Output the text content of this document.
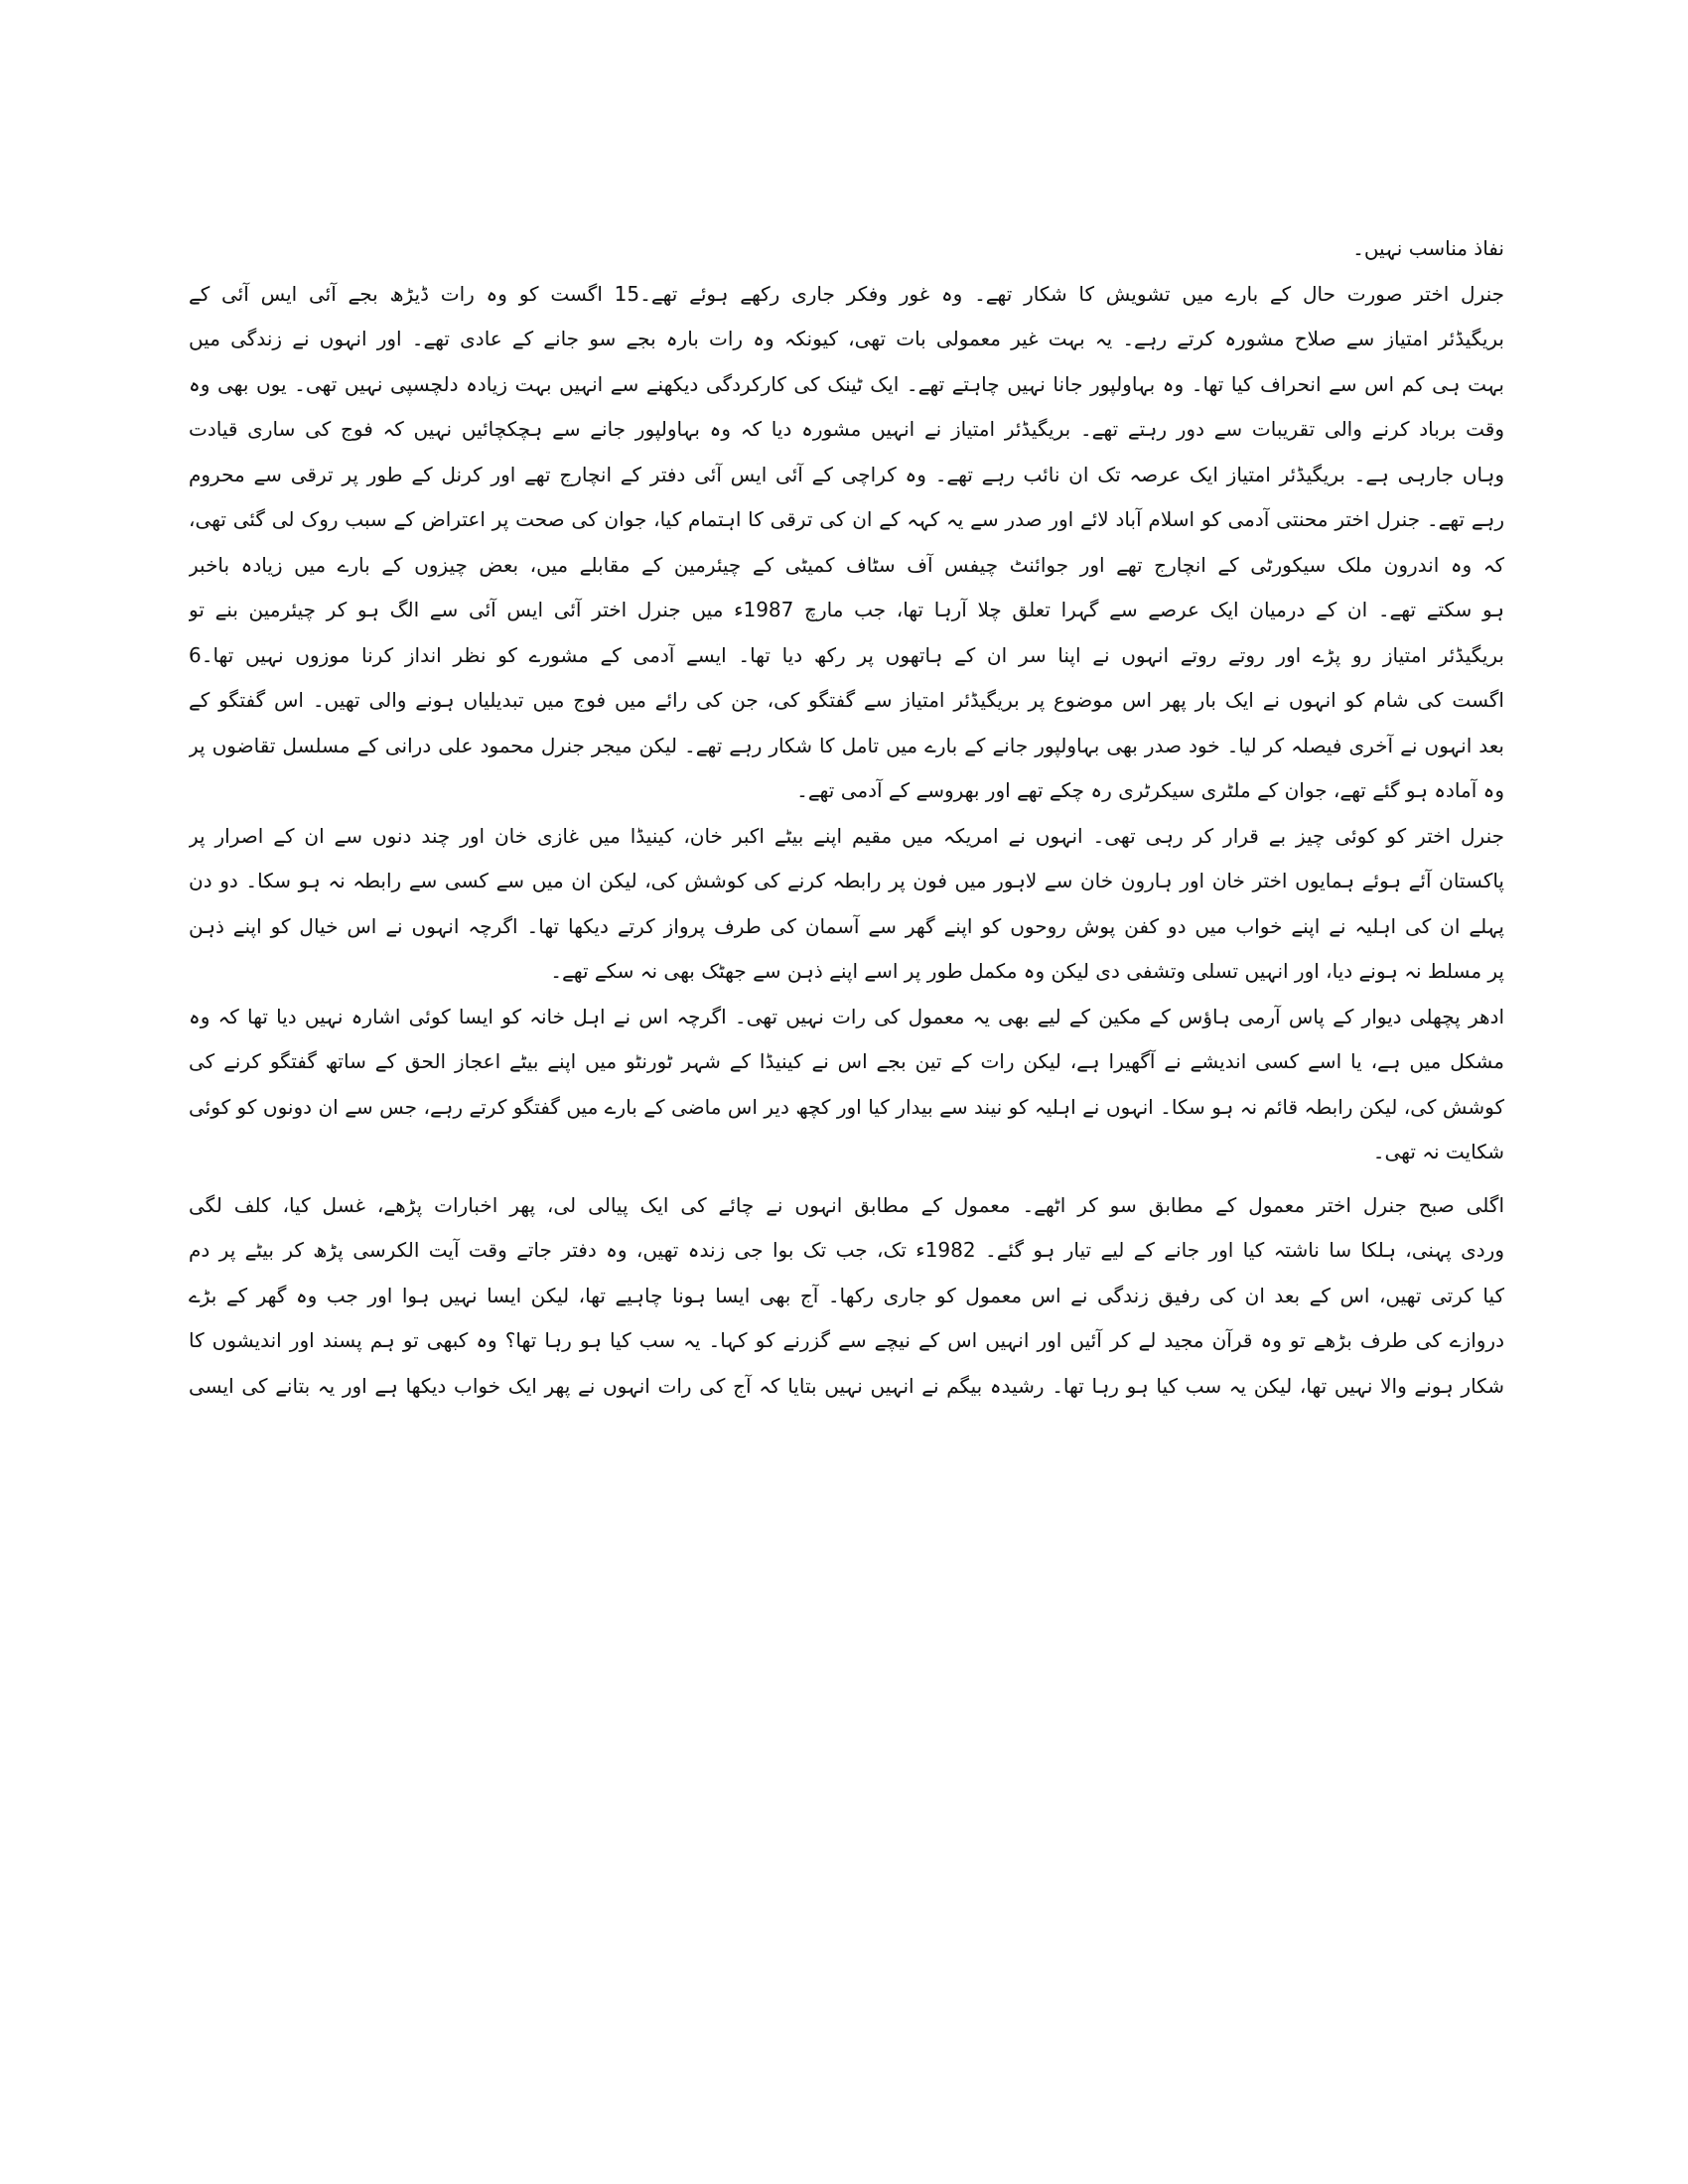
نفاذ مناسب نہیں۔
جنرل اختر صورت حال کے بارے میں تشویش کا شکار تھے۔ وہ غور وفکر جاری رکھے ہوئے تھے۔15 اگست کو وہ رات ڈیڑھ بجے آئی ایس آئی کے
بریگیڈئر امتیاز سے صلاح مشورہ کرتے رہے۔ یہ بہت غیر معمولی بات تھی، کیونکہ وہ رات بارہ بجے سو جانے کے عادی تھے۔ اور انہوں نے زندگی میں
بہت ہی کم اس سے انحراف کیا تھا۔ وہ بہاولپور جانا نہیں چاہتے تھے۔ ایک ٹینک کی کارکردگی دیکھنے سے انہیں بہت زیادہ دلچسپی نہیں تھی۔ یوں بھی وہ
وقت برباد کرنے والی تقریبات سے دور رہتے تھے۔ بریگیڈئر امتیاز نے انہیں مشورہ دیا کہ وہ بہاولپور جانے سے ہچکچائیں نہیں کہ فوج کی ساری قیادت
وہاں جارہی ہے۔ بریگیڈئر امتیاز ایک عرصہ تک ان نائب رہے تھے۔ وہ کراچی کے آئی ایس آئی دفتر کے انچارج تھے اور کرنل کے طور پر ترقی سے محروم
رہے تھے۔ جنرل اختر محنتی آدمی کو اسلام آباد لائے اور صدر سے یہ کہہ کے ان کی ترقی کا اہتمام کیا، جوان کی صحت پر اعتراض کے سبب روک لی گئی تھی،
کہ وہ اندرون ملک سیکورٹی کے انچارج تھے اور جوائنٹ چیفس آف سٹاف کمیٹی کے چیئرمین کے مقابلے میں، بعض چیزوں کے بارے میں زیادہ باخبر
ہو سکتے تھے۔ ان کے درمیان ایک عرصے سے گہرا تعلق چلا آرہا تھا، جب مارچ 1987ء میں جنرل اختر آئی ایس آئی سے الگ ہو کر چیئرمین بنے تو
بریگیڈئر امتیاز رو پڑے اور روتے روتے انہوں نے اپنا سر ان کے ہاتھوں پر رکھ دیا تھا۔ ایسے آدمی کے مشورے کو نظر انداز کرنا موزوں نہیں تھا۔6
اگست کی شام کو انہوں نے ایک بار پھر اس موضوع پر بریگیڈئر امتیاز سے گفتگو کی، جن کی رائے میں فوج میں تبدیلیاں ہونے والی تھیں۔ اس گفتگو کے
بعد انہوں نے آخری فیصلہ کر لیا۔ خود صدر بھی بہاولپور جانے کے بارے میں تامل کا شکار رہے تھے۔ لیکن میجر جنرل محمود علی درانی کے مسلسل تقاضوں پر
وہ آمادہ ہو گئے تھے، جوان کے ملٹری سیکرٹری رہ چکے تھے اور بھروسے کے آدمی تھے۔
جنرل اختر کو کوئی چیز بے قرار کر رہی تھی۔ انہوں نے امریکہ میں مقیم اپنے بیٹے اکبر خان، کینیڈا میں غازی خان اور چند دنوں سے ان کے اصرار پر
پاکستان آئے ہوئے ہمایوں اختر خان اور ہارون خان سے لاہور میں فون پر رابطہ کرنے کی کوشش کی، لیکن ان میں سے کسی سے رابطہ نہ ہو سکا۔ دو دن
پہلے ان کی اہلیہ نے اپنے خواب میں دو کفن پوش روحوں کو اپنے گھر سے آسمان کی طرف پرواز کرتے دیکھا تھا۔ اگرچہ انہوں نے اس خیال کو اپنے ذہن
پر مسلط نہ ہونے دیا، اور انہیں تسلی وتشفی دی لیکن وہ مکمل طور پر اسے اپنے ذہن سے جھٹک بھی نہ سکے تھے۔
ادھر پچھلی دیوار کے پاس آرمی ہاؤس کے مکین کے لیے بھی یہ معمول کی رات نہیں تھی۔ اگرچہ اس نے اہل خانہ کو ایسا کوئی اشارہ نہیں دیا تھا کہ وہ
مشکل میں ہے، یا اسے کسی اندیشے نے آگھیرا ہے، لیکن رات کے تین بجے اس نے کینیڈا کے شہر ٹورنٹو میں اپنے بیٹے اعجاز الحق کے ساتھ گفتگو کرنے کی
کوشش کی، لیکن رابطہ قائم نہ ہو سکا۔ انہوں نے اہلیہ کو نیند سے بیدار کیا اور کچھ دیر اس ماضی کے بارے میں گفتگو کرتے رہے، جس سے ان دونوں کو کوئی
شکایت نہ تھی۔
اگلی صبح جنرل اختر معمول کے مطابق سو کر اٹھے۔ معمول کے مطابق انہوں نے چائے کی ایک پیالی لی، پھر اخبارات پڑھے، غسل کیا، کلف لگی
وردی پہنی، ہلکا سا ناشتہ کیا اور جانے کے لیے تیار ہو گئے۔ 1982ء تک، جب تک بوا جی زندہ تھیں، وہ دفتر جاتے وقت آیت الکرسی پڑھ کر بیٹے پر دم
کیا کرتی تھیں، اس کے بعد ان کی رفیق زندگی نے اس معمول کو جاری رکھا۔ آج بھی ایسا ہونا چاہیے تھا، لیکن ایسا نہیں ہوا اور جب وہ گھر کے بڑے
دروازے کی طرف بڑھے تو وہ قرآن مجید لے کر آئیں اور انہیں اس کے نیچے سے گزرنے کو کہا۔ یہ سب کیا ہو رہا تھا؟ وہ کبھی تو ہم پسند اور اندیشوں کا
شکار ہونے والا نہیں تھا، لیکن یہ سب کیا ہو رہا تھا۔ رشیدہ بیگم نے انہیں نہیں بتایا کہ آج کی رات انہوں نے پھر ایک خواب دیکھا ہے اور یہ بتانے کی ایسی
